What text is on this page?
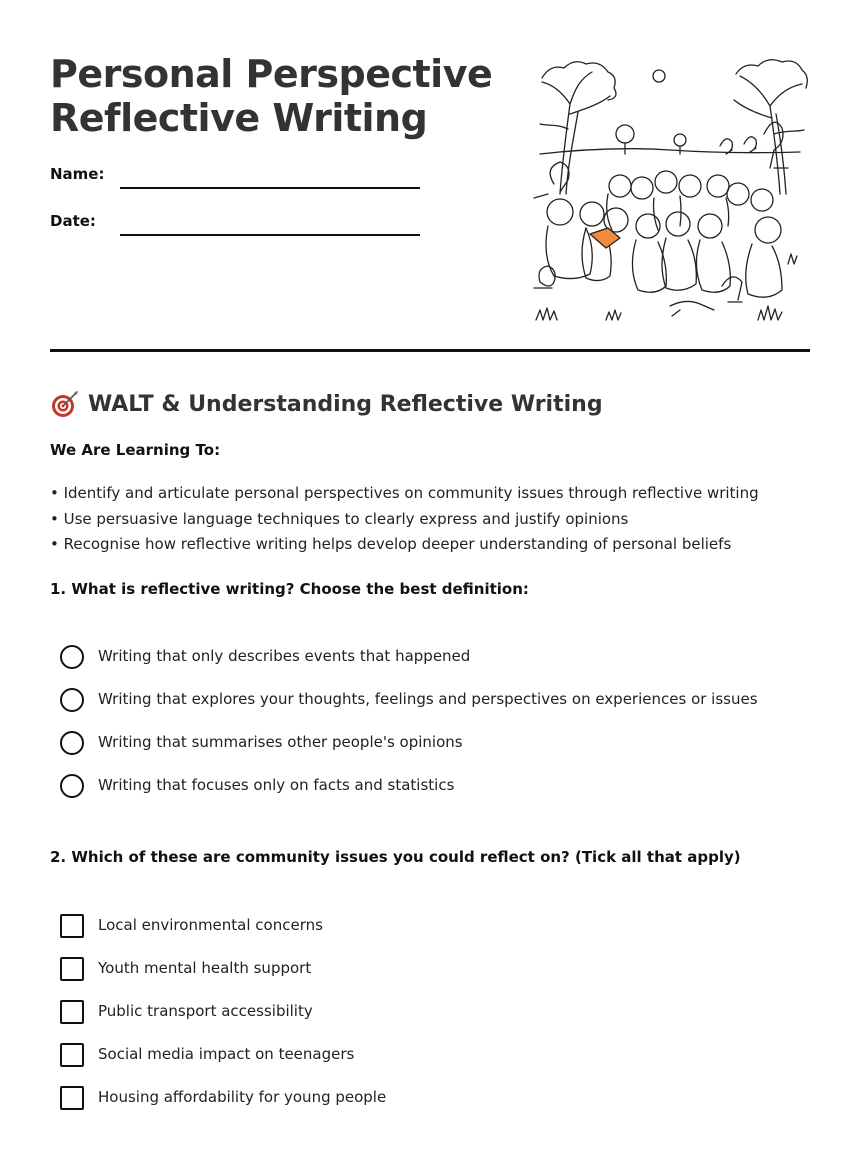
Personal Perspective
Reflective Writing
Name:
Date:
WALT & Understanding Reflective Writing
We Are Learning To:
• Identify and articulate personal perspectives on community issues through reflective writing
• Use persuasive language techniques to clearly express and justify opinions
• Recognise how reflective writing helps develop deeper understanding of personal beliefs
1. What is reflective writing? Choose the best definition:
Writing that only describes events that happened
Writing that explores your thoughts, feelings and perspectives on experiences or issues
Writing that summarises other people's opinions
Writing that focuses only on facts and statistics
2. Which of these are community issues you could reflect on? (Tick all that apply)
Local environmental concerns
Youth mental health support
Public transport accessibility
Social media impact on teenagers
Housing affordability for young people
